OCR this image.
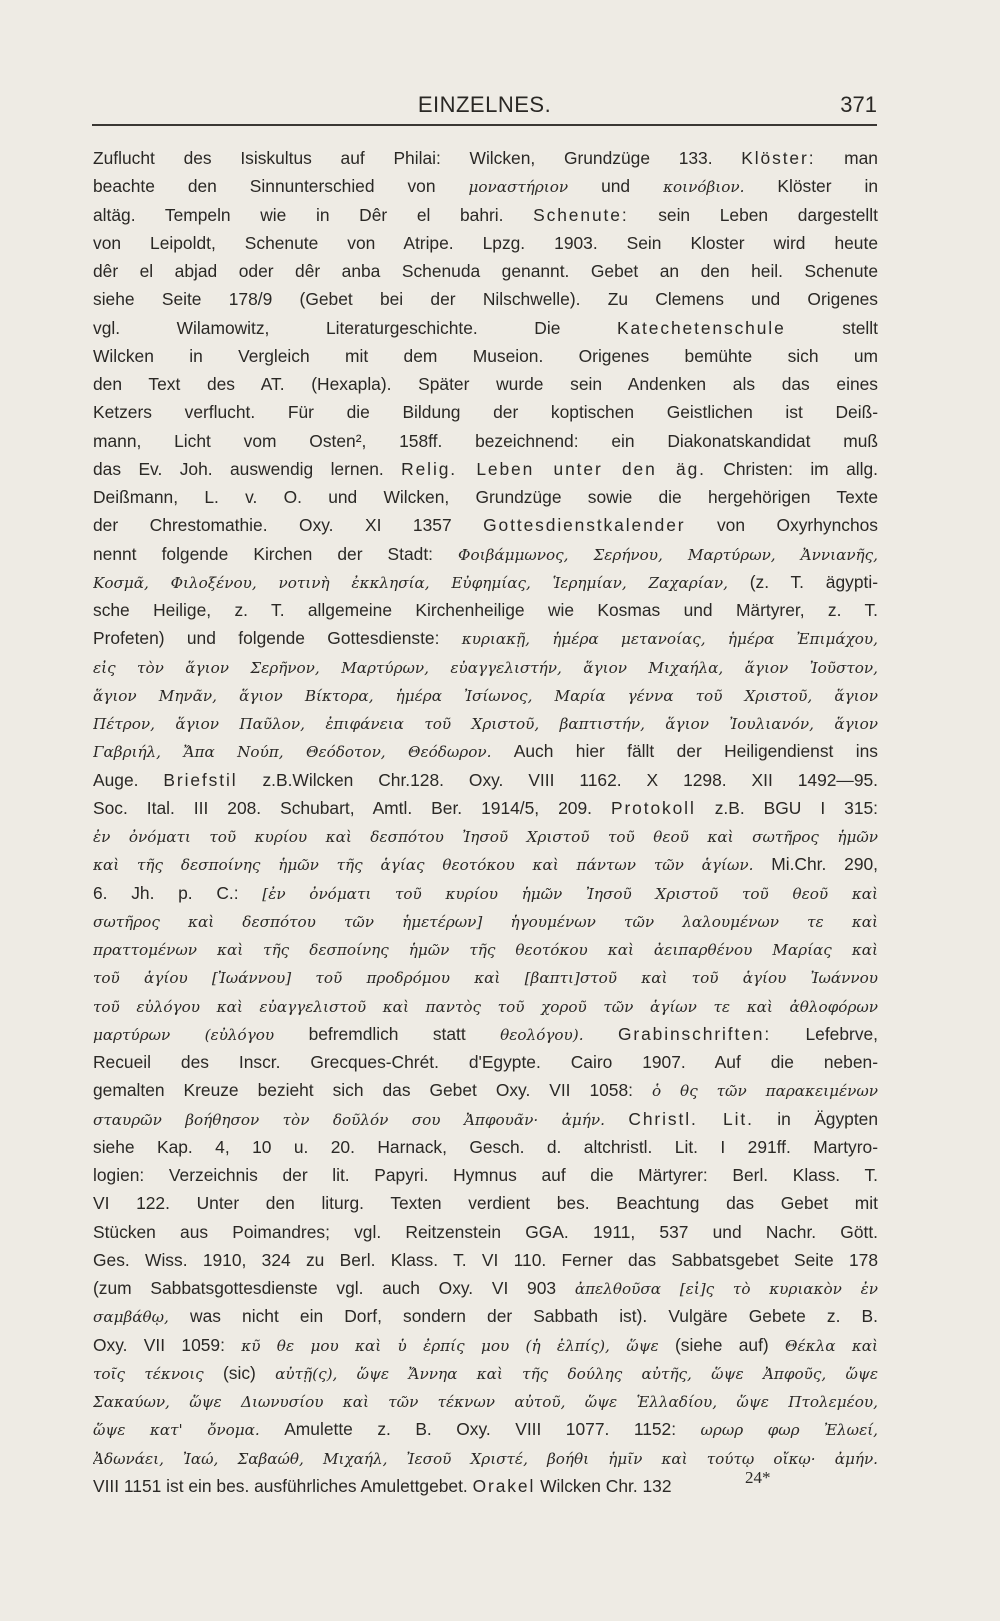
EINZELNES.	371
Zuflucht des Isiskultus auf Philai: Wilcken, Grundzüge 133. Klöster: man
beachte den Sinnunterschied von μοναστήριον und κοινόβιον. Klöster in
altäg. Tempeln wie in Dêr el bahri. Schenute: sein Leben dargestellt
von Leipoldt, Schenute von Atripe. Lpzg. 1903. Sein Kloster wird heute
dêr el abjad oder dêr anba Schenuda genannt. Gebet an den heil. Schenute
siehe Seite 178/9 (Gebet bei der Nilschwelle). Zu Clemens und Origenes
vgl. Wilamowitz, Literaturgeschichte. Die Katechetenschule stellt
Wilcken in Vergleich mit dem Museion. Origenes bemühte sich um
den Text des AT. (Hexapla). Später wurde sein Andenken als das eines
Ketzers verflucht. Für die Bildung der koptischen Geistlichen ist Deiß-
mann, Licht vom Osten², 158ff. bezeichnend: ein Diakonatskandidat muß
das Ev. Joh. auswendig lernen. Relig. Leben unter den äg. Christen: im allg.
Deißmann, L. v. O. und Wilcken, Grundzüge sowie die hergehörigen Texte
der Chrestomathie. Oxy. XI 1357 Gottesdienstkalender von Oxyrhynchos
nennt folgende Kirchen der Stadt: Φοιβάμμωνος, Σερήνου, Μαρτύρων, Ἀννιανῆς,
Κοσμᾶ, Φιλοξένου, νοτινὴ ἐκκλησία, Εὐφημίας, Ἱερημίαν, Ζαχαρίαν, (z. T. ägypti-
sche Heilige, z. T. allgemeine Kirchenheilige wie Kosmas und Märtyrer, z. T.
Profeten) und folgende Gottesdienste: κυριακῇ, ἡμέρα μετανοίας, ἡμέρα Ἐπιμάχου,
εἰς τὸν ἅγιον Σερῆνον, Μαρτύρων, εὐαγγελιστήν, ἅγιον Μιχαήλα, ἅγιον Ἰοῦστον,
ἅγιον Μηνᾶν, ἅγιον Βίκτορα, ἡμέρα Ἰσίωνος, Μαρία γέννα τοῦ Χριστοῦ, ἅγιον
Πέτρον, ἅγιον Παῦλον, ἐπιφάνεια τοῦ Χριστοῦ, βαπτιστήν, ἅγιον Ἰουλιανόν, ἅγιον
Γαβριήλ, Ἄπα Νούπ, Θεόδοτον, Θεόδωρον. Auch hier fällt der Heiligendienst ins
Auge. Briefstil z.B.Wilcken Chr.128. Oxy. VIII 1162. X 1298. XII 1492—95.
Soc. Ital. III 208. Schubart, Amtl. Ber. 1914/5, 209. Protokoll z.B. BGU I 315:
ἐν ὀνόματι τοῦ κυρίου καὶ δεσπότου Ἰησοῦ Χριστοῦ τοῦ θεοῦ καὶ σωτῆρος ἡμῶν
καὶ τῆς δεσποίνης ἡμῶν τῆς ἁγίας θεοτόκου καὶ πάντων τῶν ἁγίων. Mi.Chr. 290,
6. Jh. p. C.: [ἐν ὀνόματι τοῦ κυρίου ἡμῶν Ἰησοῦ Χριστοῦ τοῦ θεοῦ καὶ
σωτῆρος καὶ δεσπότου τῶν ἡμετέρων] ἡγουμένων τῶν λαλουμένων τε καὶ
πραττομένων καὶ τῆς δεσποίνης ἡμῶν τῆς θεοτόκου καὶ ἀειπαρθένου Μαρίας καὶ
τοῦ ἁγίου [Ἰωάννου] τοῦ προδρόμου καὶ [βαπτι]στοῦ καὶ τοῦ ἁγίου Ἰωάννου
τοῦ εὐλόγου καὶ εὐαγγελιστοῦ καὶ παντὸς τοῦ χοροῦ τῶν ἁγίων τε καὶ ἀθλοφόρων
μαρτύρων (εὐλόγου befremdlich statt θεολόγου). Grabinschriften: Lefebrve,
Recueil des Inscr. Grecques-Chrét. d'Egypte. Cairo 1907. Auf die neben-
gemalten Kreuze bezieht sich das Gebet Oxy. VII 1058: ὁ θς τῶν παρακειμένων
σταυρῶν βοήθησον τὸν δοῦλόν σου Ἀπφουᾶν· ἀμήν. Christl. Lit. in Ägypten
siehe Kap. 4, 10 u. 20. Harnack, Gesch. d. altchristl. Lit. I 291ff. Martyro-
logien: Verzeichnis der lit. Papyri. Hymnus auf die Märtyrer: Berl. Klass. T.
VI 122. Unter den liturg. Texten verdient bes. Beachtung das Gebet mit
Stücken aus Poimandres; vgl. Reitzenstein GGA. 1911, 537 und Nachr. Gött.
Ges. Wiss. 1910, 324 zu Berl. Klass. T. VI 110. Ferner das Sabbatsgebet Seite 178
(zum Sabbatsgottesdienste vgl. auch Oxy. VI 903 ἀπελθοῦσα [εἰ]ς τὸ κυριακὸν ἐν
σαμβάθῳ, was nicht ein Dorf, sondern der Sabbath ist). Vulgäre Gebete z. B.
Oxy. VII 1059: κῦ θε μου καὶ ὑ ἐρπίς μου (ἡ ἐλπίς), ὥψε (siehe auf) Θέκλα καὶ
τοῖς τέκνοις (sic) αὐτῇ(ς), ὥψε Ἄννηα καὶ τῆς δούλης αὐτῆς, ὥψε Ἀπφοῦς, ὥψε
Σακαύων, ὥψε Διωνυσίου καὶ τῶν τέκνων αὐτοῦ, ὥψε Ἑλλαδίου, ὥψε Πτολεμέου,
ὥψε κατ' ὄνομα. Amulette z. B. Oxy. VIII 1077. 1152: ωρωρ φωρ Ἐλωεί,
Ἀδωνάει, Ἰαώ, Σαβαώθ, Μιχαήλ, Ἰεσοῦ Χριστέ, βοήθι ἡμῖν καὶ τούτῳ οἴκῳ· ἀμήν.
VIII 1151 ist ein bes. ausführliches Amulettgebet. Orakel Wilcken Chr. 132	24*
